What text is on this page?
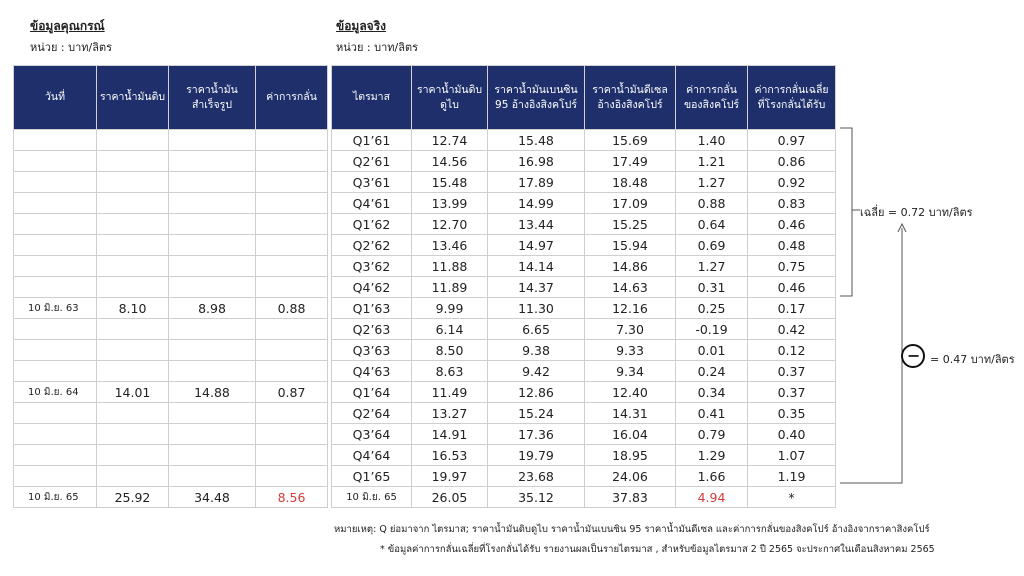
ข้อมูลคุณกรณ์
หน่วย : บาท/ลิตร
ข้อมูลจริง
หน่วย : บาท/ลิตร
วันที่	ราคาน้ำมันดิบ	ราคาน้ำมัน สำเร็จรูป	ค่าการกลั่น

10 มิ.ย. 63	8.10	8.98	0.88

10 มิ.ย. 64	14.01	14.88	0.87

10 มิ.ย. 65	25.92	34.48	8.56
ไตรมาส	ราคาน้ำมันดิบ ดูไบ	ราคาน้ำมันเบนซิน 95 อ้างอิงสิงคโปร์	ราคาน้ำมันดีเซล อ้างอิงสิงคโปร์	ค่าการกลั่น ของสิงคโปร์	ค่าการกลั่นเฉลี่ย ที่โรงกลั่นได้รับ
Q1’61	12.74	15.48	15.69	1.40	0.97
Q2’61	14.56	16.98	17.49	1.21	0.86
Q3’61	15.48	17.89	18.48	1.27	0.92
Q4’61	13.99	14.99	17.09	0.88	0.83
Q1’62	12.70	13.44	15.25	0.64	0.46
Q2’62	13.46	14.97	15.94	0.69	0.48
Q3’62	11.88	14.14	14.86	1.27	0.75
Q4’62	11.89	14.37	14.63	0.31	0.46
Q1’63	9.99	11.30	12.16	0.25	0.17
Q2’63	6.14	6.65	7.30	-0.19	0.42
Q3’63	8.50	9.38	9.33	0.01	0.12
Q4’63	8.63	9.42	9.34	0.24	0.37
Q1’64	11.49	12.86	12.40	0.34	0.37
Q2’64	13.27	15.24	14.31	0.41	0.35
Q3’64	14.91	17.36	16.04	0.79	0.40
Q4’64	16.53	19.79	18.95	1.29	1.07
Q1’65	19.97	23.68	24.06	1.66	1.19
10 มิ.ย. 65	26.05	35.12	37.83	4.94	*
เฉลี่ย = 0.72 บาท/ลิตร
− = 0.47 บาท/ลิตร
หมายเหตุ: Q ย่อมาจาก ไตรมาส; ราคาน้ำมันดิบดูไบ ราคาน้ำมันเบนซิน 95 ราคาน้ำมันดีเซล และค่าการกลั่นของสิงคโปร์ อ้างอิงจากราคาสิงคโปร์
* ข้อมูลค่าการกลั่นเฉลี่ยที่โรงกลั่นได้รับ รายงานผลเป็นรายไตรมาส , สำหรับข้อมูลไตรมาส 2 ปี 2565 จะประกาศในเดือนสิงหาคม 2565
